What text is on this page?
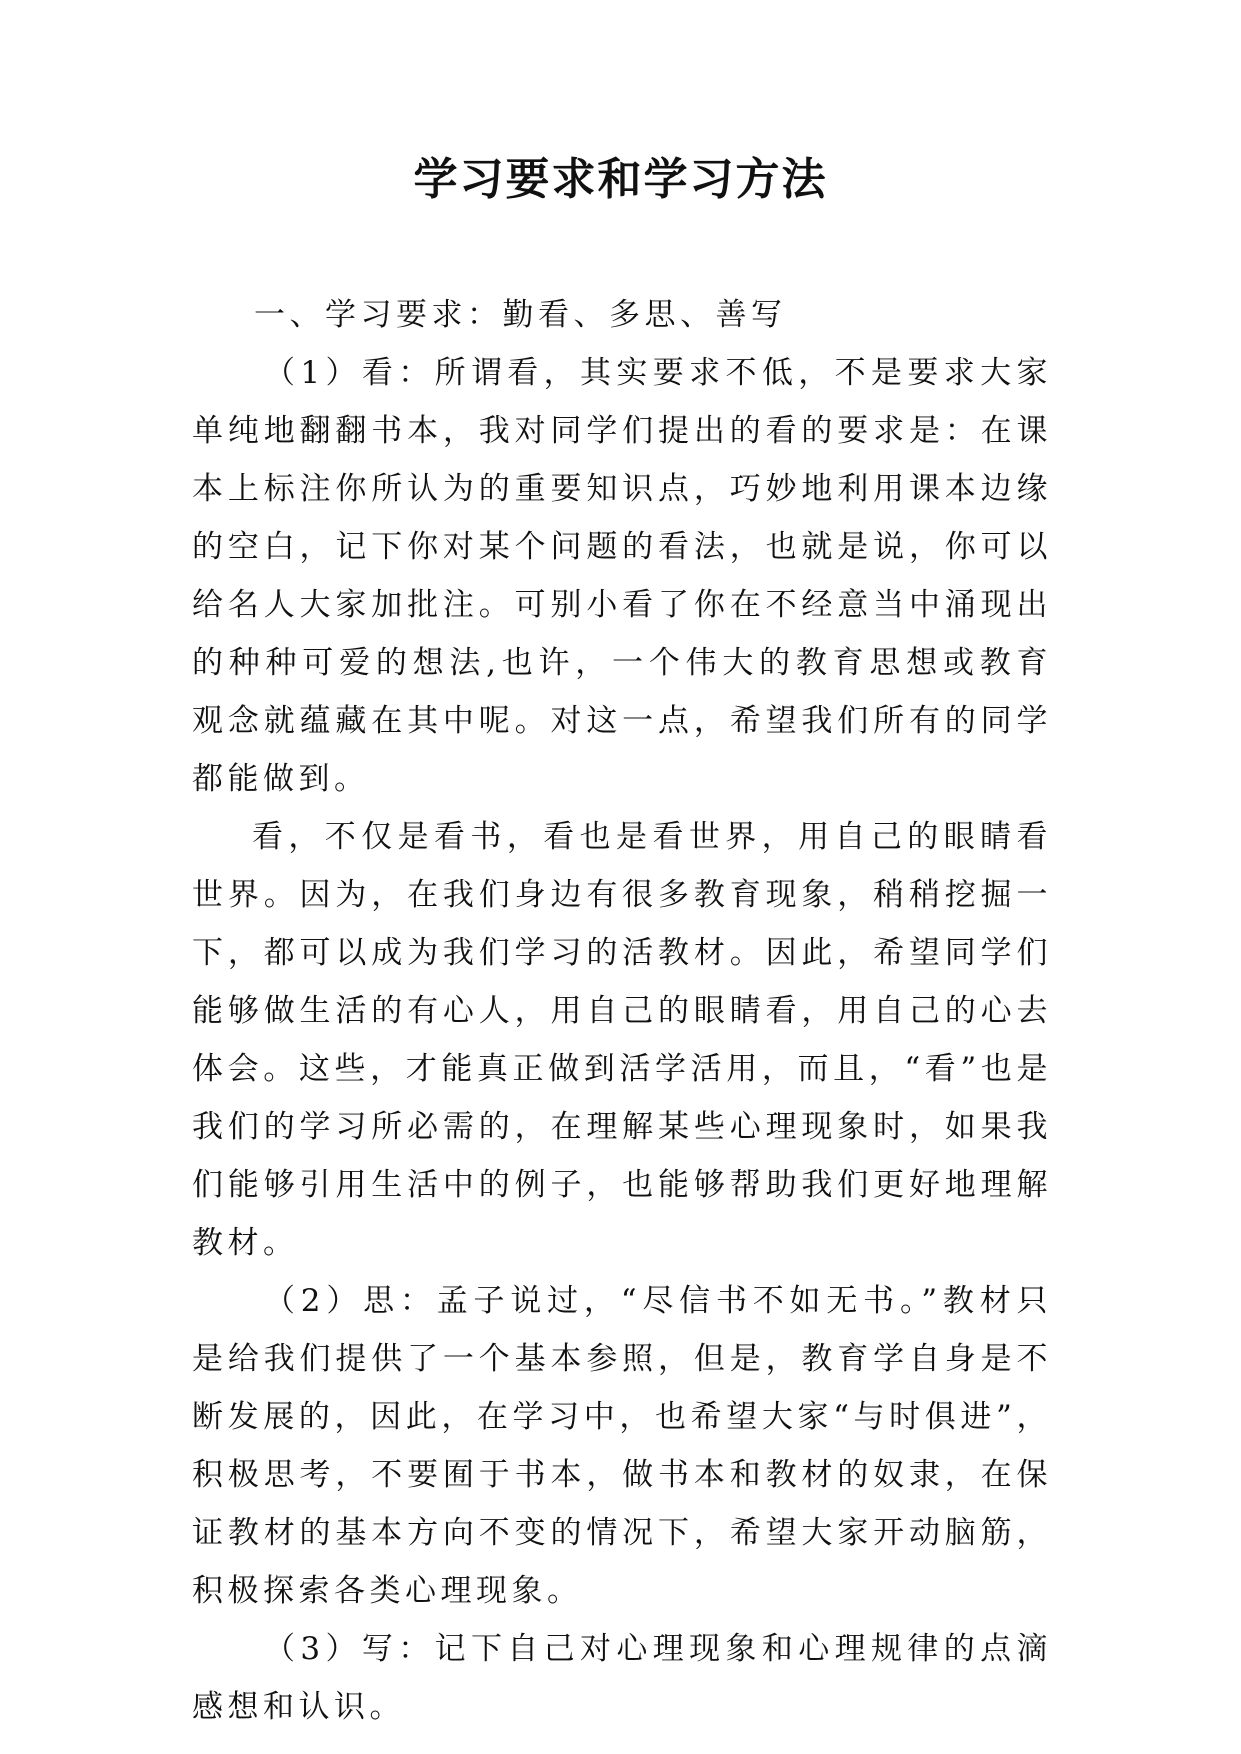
学习要求和学习方法

一、学习要求：勤看、多思、善写

（1）看：所谓看，其实要求不低，不是要求大家单纯地翻翻书本，我对同学们提出的看的要求是：在课本上标注你所认为的重要知识点，巧妙地利用课本边缘的空白，记下你对某个问题的看法，也就是说，你可以给名人大家加批注。可别小看了你在不经意当中涌现出的种种可爱的想法,也许，一个伟大的教育思想或教育观念就蕴藏在其中呢。对这一点，希望我们所有的同学都能做到。

看，不仅是看书，看也是看世界，用自己的眼睛看世界。因为，在我们身边有很多教育现象，稍稍挖掘一下，都可以成为我们学习的活教材。因此，希望同学们能够做生活的有心人，用自己的眼睛看，用自己的心去体会。这些，才能真正做到活学活用，而且，“看”也是我们的学习所必需的，在理解某些心理现象时，如果我们能够引用生活中的例子，也能够帮助我们更好地理解教材。

（2）思：孟子说过，“尽信书不如无书。”教材只是给我们提供了一个基本参照，但是，教育学自身是不断发展的，因此，在学习中，也希望大家“与时俱进”，积极思考，不要囿于书本，做书本和教材的奴隶，在保证教材的基本方向不变的情况下，希望大家开动脑筋，积极探索各类心理现象。

（3）写：记下自己对心理现象和心理规律的点滴感想和认识。
